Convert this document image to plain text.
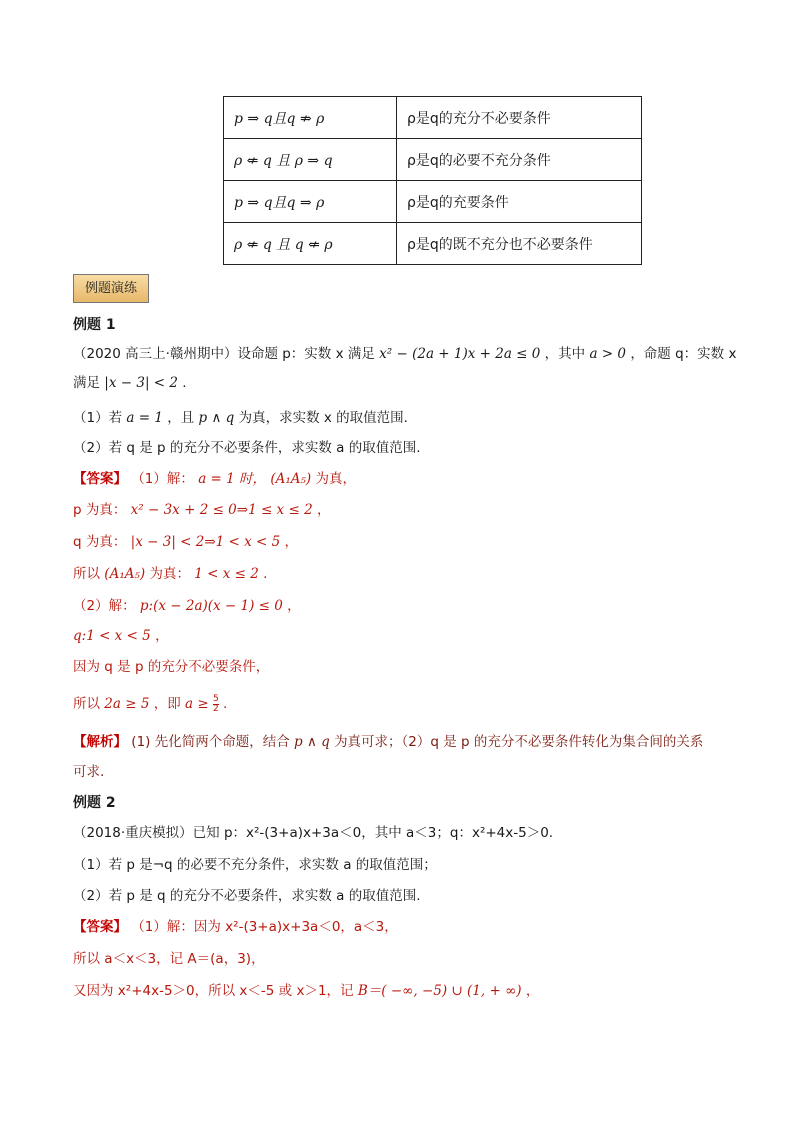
p ⇒ q且q ⇏ ρ	ρ是q的充分不必要条件
ρ ⇍ q 且 ρ ⇒ q	ρ是q的必要不充分条件
p ⇒ q且q ⇒ ρ	ρ是q的充要条件
ρ ⇍ q 且 q ⇍ ρ	ρ是q的既不充分也不必要条件
例题演练
例题 1
（2020 高三上·赣州期中）设命题 p：实数 x 满足 x² − (2a + 1)x + 2a ≤ 0 ，其中 a > 0 ，命题 q：实数 x
满足 |x − 3| < 2 .
（1）若 a = 1 ，且 p ∧ q 为真，求实数 x 的取值范围.
（2）若 q 是 p 的充分不必要条件，求实数 a 的取值范围.
【答案】 （1）解： a = 1 时， (A₁A₅) 为真，
p 为真： x² − 3x + 2 ≤ 0⇒1 ≤ x ≤ 2 ，
q 为真： |x − 3| < 2⇒1 < x < 5 ，
所以 (A₁A₅) 为真： 1 < x ≤ 2 .
（2）解： p:(x − 2a)(x − 1) ≤ 0 ，
q:1 < x < 5 ，
因为 q 是 p 的充分不必要条件，
所以 2a ≥ 5 ，即 $a \ge \frac{5}{2}$ .
【解析】 (1) 先化简两个命题，结合 p ∧ q 为真可求；（2）q 是 p 的充分不必要条件转化为集合间的关系
可求.
例题 2
（2018·重庆模拟）已知 p：x²-(3+a)x+3a＜0，其中 a＜3；q：x²+4x-5＞0.
（1）若 p 是¬q 的必要不充分条件，求实数 a 的取值范围；
（2）若 p 是 q 的充分不必要条件，求实数 a 的取值范围.
【答案】 （1）解：因为 x²-(3+a)x+3a＜0，a＜3，
所以 a＜x＜3，记 A＝(a，3)，
又因为 x²+4x-5＞0，所以 x＜-5 或 x＞1，记 B＝( −∞, −5) ∪ (1, + ∞) ，
